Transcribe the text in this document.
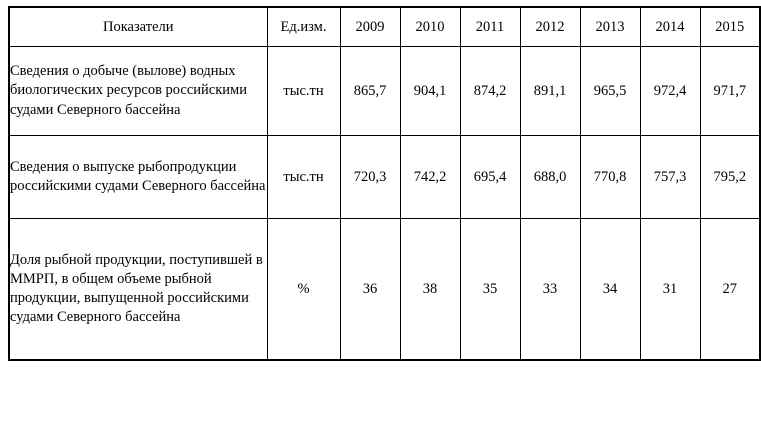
Показатели	Ед.изм.	2009	2010	2011	2012	2013	2014	2015
Сведения о добыче (вылове) водных биологических ресурсов российскими судами Северного бассейна	тыс.тн	865,7	904,1	874,2	891,1	965,5	972,4	971,7
Сведения о выпуске рыбопродукции российскими судами Северного бассейна	тыс.тн	720,3	742,2	695,4	688,0	770,8	757,3	795,2
Доля рыбной продукции, поступившей в ММРП, в общем объеме рыбной продукции, выпущенной российскими судами Северного бассейна	%	36	38	35	33	34	31	27
